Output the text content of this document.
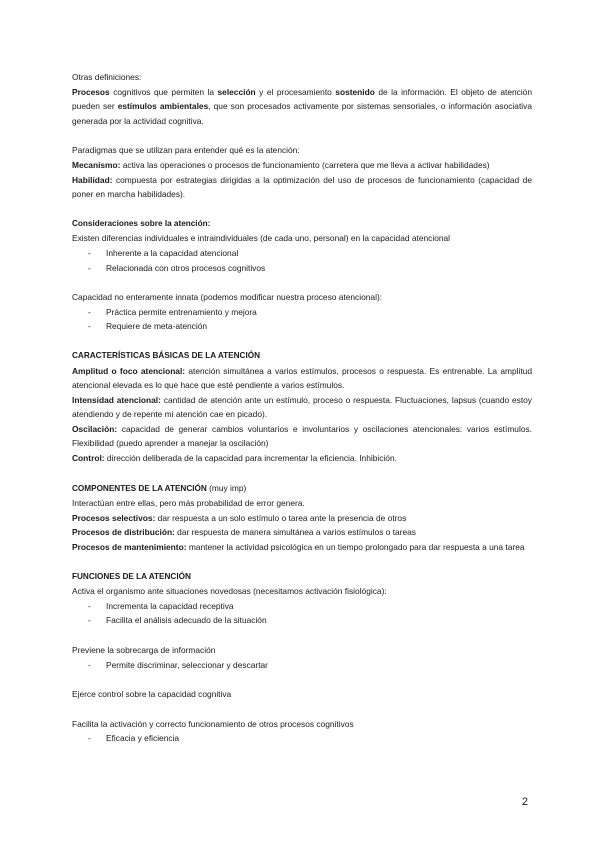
Otras definiciones:

Procesos cognitivos que permiten la selección y el procesamiento sostenido de la información. El objeto de atención pueden ser estímulos ambientales, que son procesados activamente por sistemas sensoriales, o información asociativa generada por la actividad cognitiva.

Paradigmas que se utilizan para entender qué es la atención:

Mecanismo: activa las operaciones o procesos de funcionamiento (carretera que me lleva a activar habilidades)

Habilidad: compuesta por estrategias dirigidas a la optimización del uso de procesos de funcionamiento (capacidad de poner en marcha habilidades).

Consideraciones sobre la atención:

Existen diferencias individuales e intraindividuales (de cada uno, personal) en la capacidad atencional

- Inherente a la capacidad atencional
- Relacionada con otros procesos cognitivos

Capacidad no enteramente innata (podemos modificar nuestra proceso atencional):

- Práctica permite entrenamiento y mejora
- Requiere de meta-atención

CARACTERÍSTICAS BÁSICAS DE LA ATENCIÓN

Amplitud o foco atencional: atención simultánea a varios estímulos, procesos o respuesta. Es entrenable. La amplitud atencional elevada es lo que hace que esté pendiente a varios estímulos.

Intensidad atencional: cantidad de atención ante un estímulo, proceso o respuesta. Fluctuaciones, lapsus (cuando estoy atendiendo y de repente mi atención cae en picado).

Oscilación: capacidad de generar cambios voluntarios e involuntarios y oscilaciones atencionales: varios estímulos. Flexibilidad (puedo aprender a manejar la oscilación)

Control: dirección deliberada de la capacidad para incrementar la eficiencia. Inhibición.

COMPONENTES DE LA ATENCIÓN (muy imp)

Interactúan entre ellas, pero más probabilidad de error genera.

Procesos selectivos: dar respuesta a un solo estímulo o tarea ante la presencia de otros

Procesos de distribución: dar respuesta de manera simultánea a varios estímulos o tareas

Procesos de mantenimiento: mantener la actividad psicológica en un tiempo prolongado para dar respuesta a una tarea

FUNCIONES DE LA ATENCIÓN

Activa el organismo ante situaciones novedosas (necesitamos activación fisiológica):

- Incrementa la capacidad receptiva
- Facilita el análisis adecuado de la situación

Previene la sobrecarga de información

- Permite discriminar, seleccionar y descartar

Ejerce control sobre la capacidad cognitiva

Facilita la activación y correcto funcionamiento de otros procesos cognitivos

- Eficacia y eficiencia
2
